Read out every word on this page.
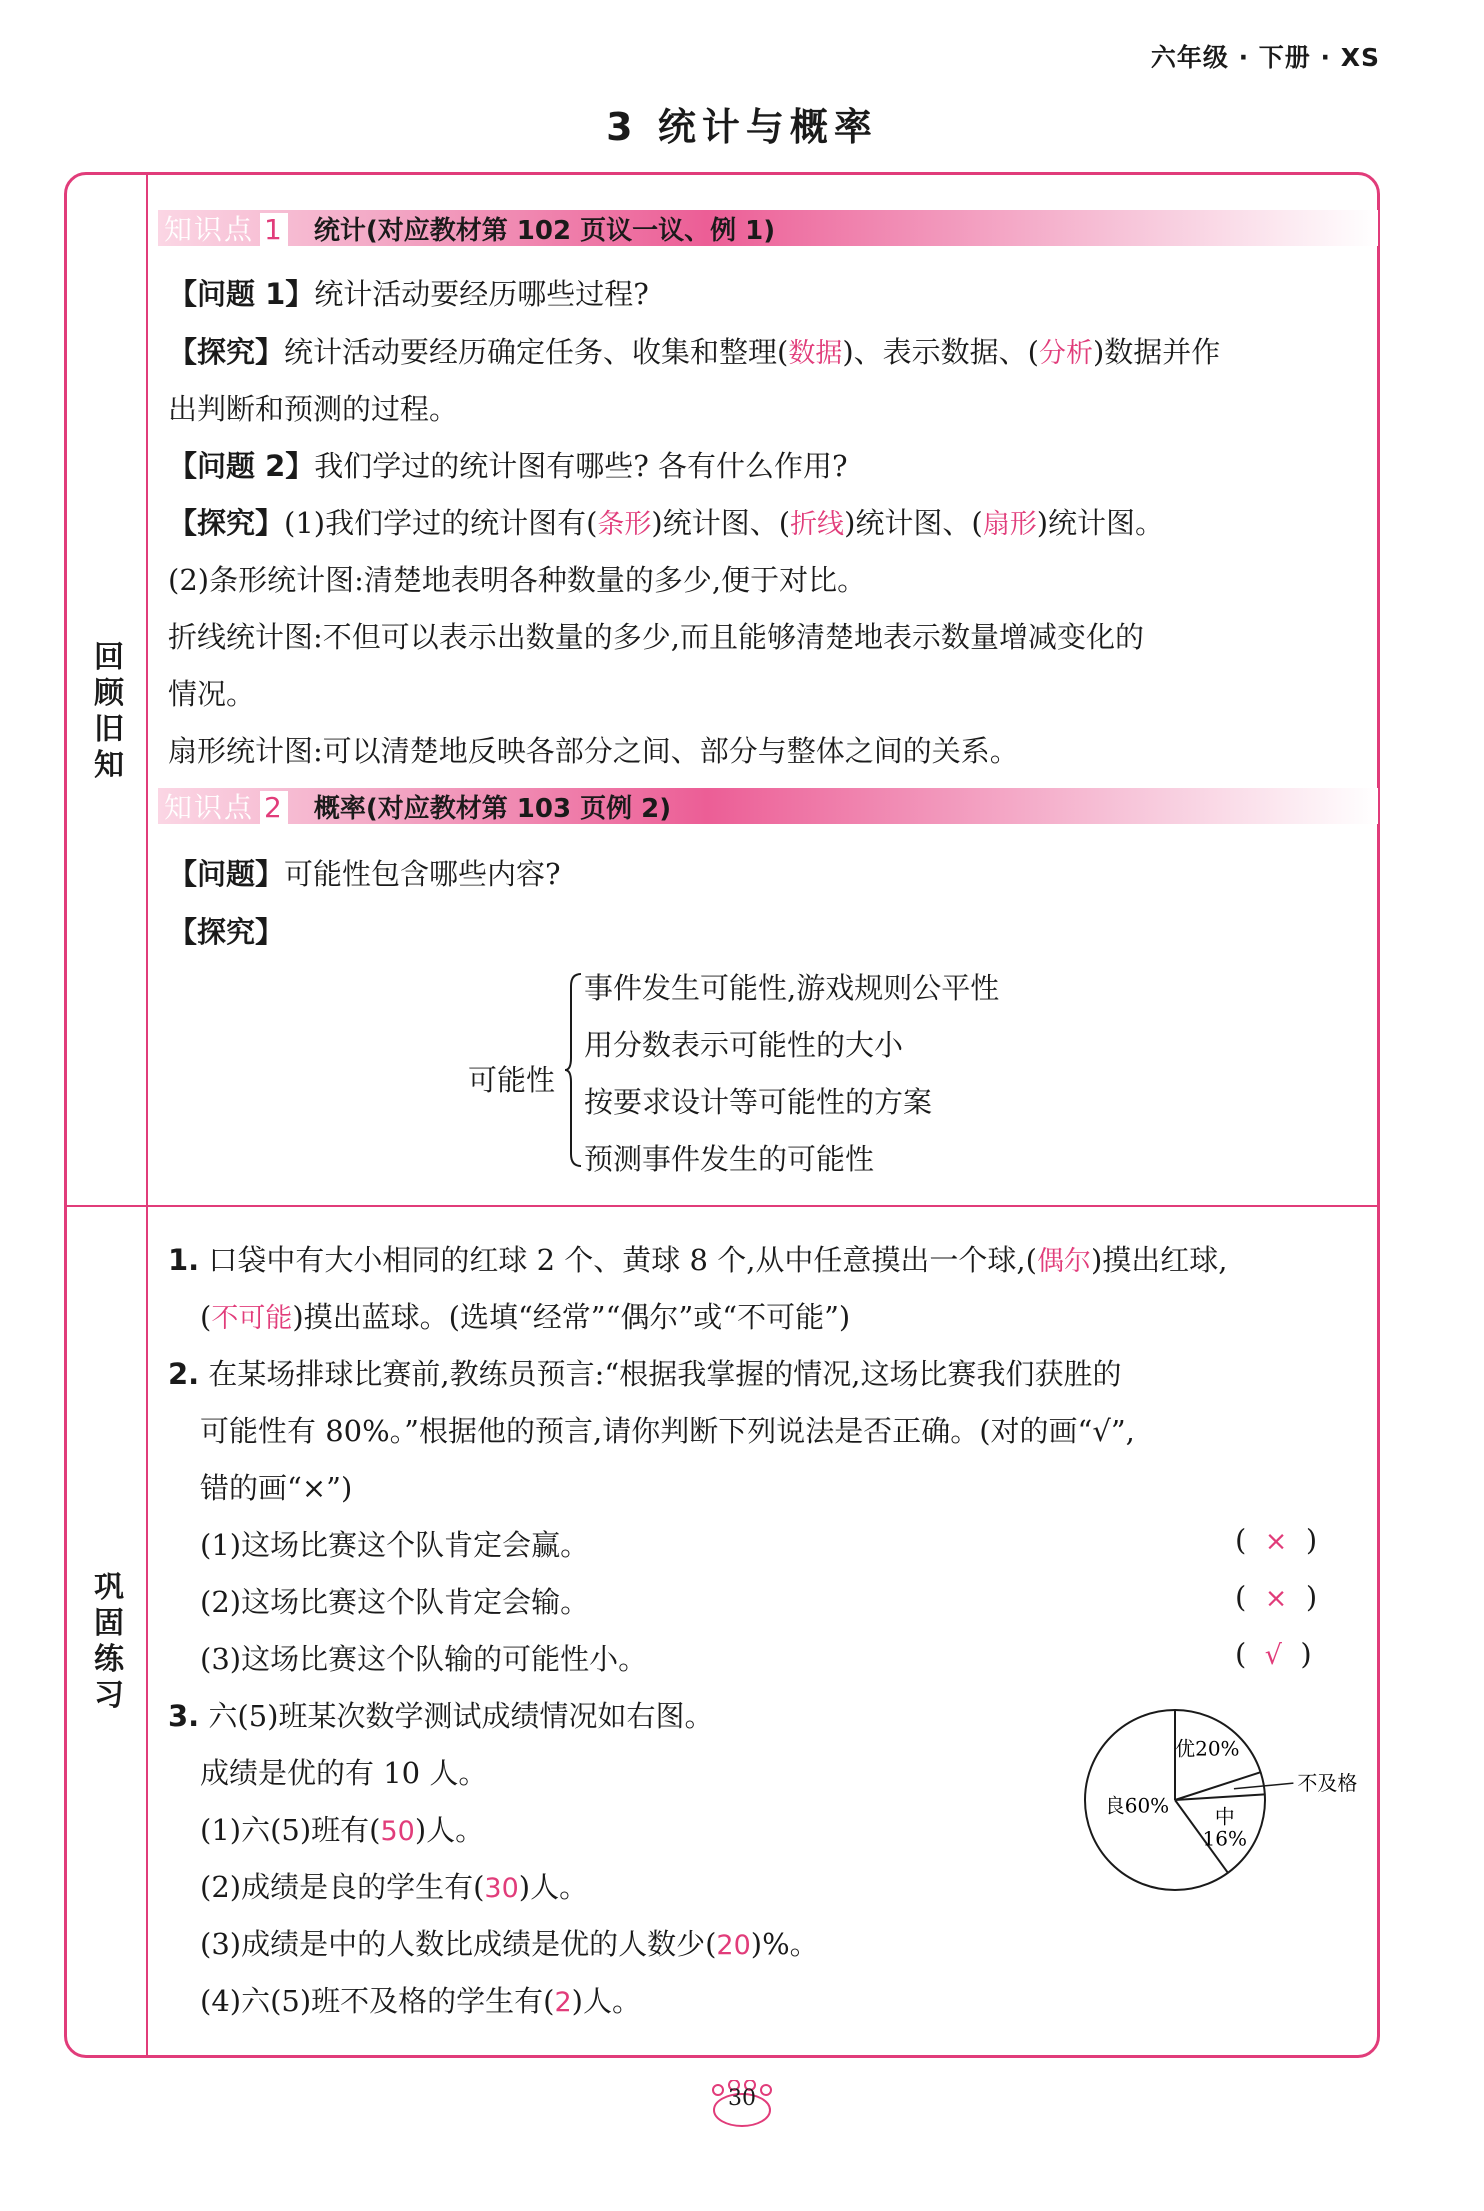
六年级 · 下册 · XS
3 统计与概率
回顾旧知
巩固练习
知识点 1	统计(对应教材第 102 页议一议、例 1)
【问题 1】统计活动要经历哪些过程?
【探究】统计活动要经历确定任务、收集和整理(数据)、表示数据、(分析)数据并作
出判断和预测的过程。
【问题 2】我们学过的统计图有哪些? 各有什么作用?
【探究】(1)我们学过的统计图有(条形)统计图、(折线)统计图、(扇形)统计图。
(2)条形统计图:清楚地表明各种数量的多少,便于对比。
折线统计图:不但可以表示出数量的多少,而且能够清楚地表示数量增减变化的
情况。
扇形统计图:可以清楚地反映各部分之间、部分与整体之间的关系。
知识点 2	概率(对应教材第 103 页例 2)
【问题】可能性包含哪些内容?
【探究】
可能性
事件发生可能性,游戏规则公平性
用分数表示可能性的大小
按要求设计等可能性的方案
预测事件发生的可能性
1. 口袋中有大小相同的红球 2 个、黄球 8 个,从中任意摸出一个球,(偶尔)摸出红球,
(不可能)摸出蓝球。(选填“经常”“偶尔”或“不可能”)
2. 在某场排球比赛前,教练员预言:“根据我掌握的情况,这场比赛我们获胜的
可能性有 80%。”根据他的预言,请你判断下列说法是否正确。(对的画“√”,
错的画“×”)
(1)这场比赛这个队肯定会赢。	(  ×  )
(2)这场比赛这个队肯定会输。	(  ×  )
(3)这场比赛这个队输的可能性小。	(  √  )
3. 六(5)班某次数学测试成绩情况如右图。
成绩是优的有 10 人。
(1)六(5)班有(50)人。
(2)成绩是良的学生有(30)人。
(3)成绩是中的人数比成绩是优的人数少(20)%。
(4)六(5)班不及格的学生有(2)人。
良60%
优20%
中
16%
不及格
30
